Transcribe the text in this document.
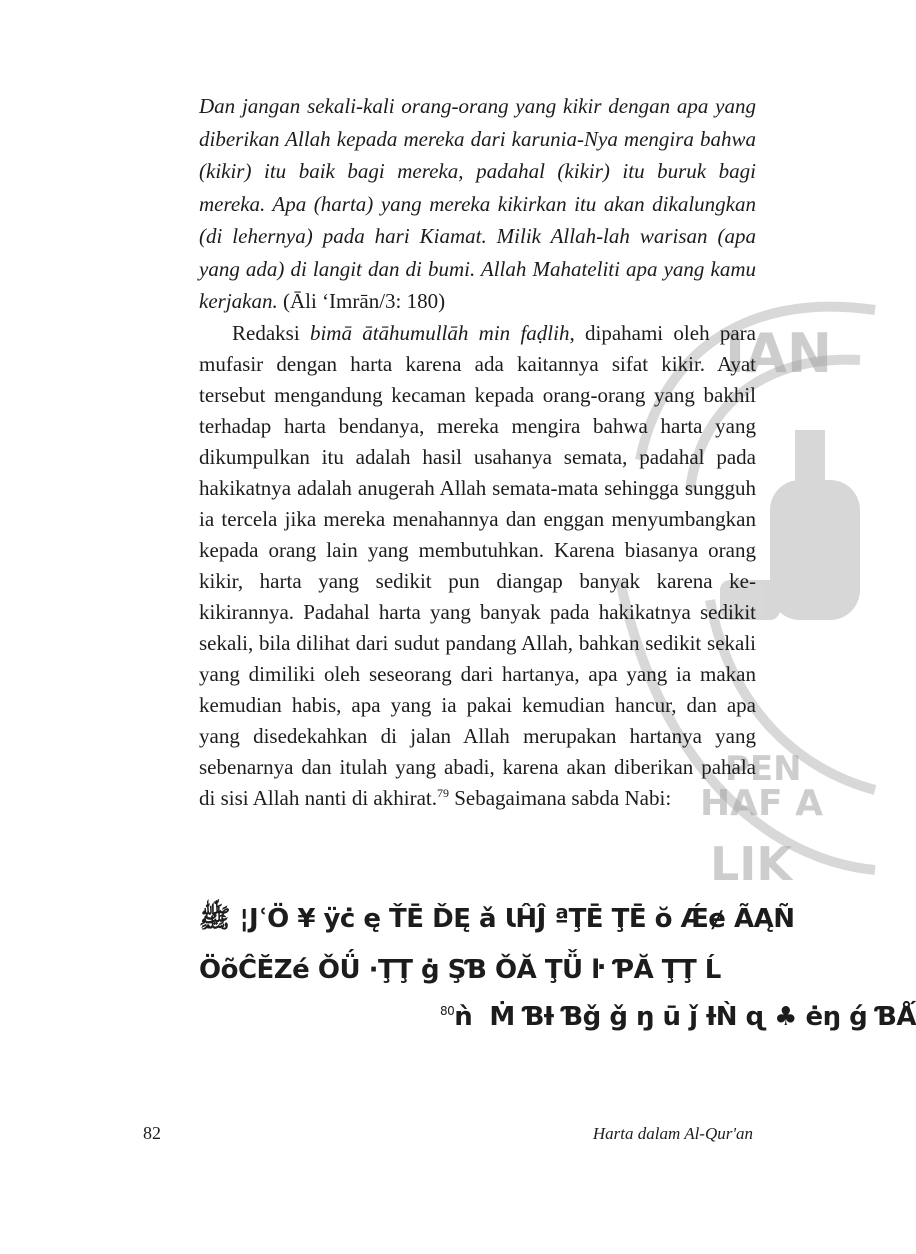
IAN
PEN
HAF A
LIK

Dan jangan sekali-kali orang-orang yang kikir dengan apa yang diberikan Allah kepada mereka dari karunia-Nya mengira bahwa (kikir) itu baik bagi mereka, padahal (kikir) itu buruk bagi mereka. Apa (harta) yang mereka kikirkan itu akan dikalungkan (di lehernya) pada hari Kiamat. Milik Allah-lah warisan (apa yang ada) di langit dan di bumi. Allah Mahateliti apa yang kamu kerjakan. (Āli ‘Imrān/3: 180)

Redaksi bimā ātāhumullāh min faḍlih, dipahami oleh para mufasir dengan harta karena ada kaitannya sifat kikir. Ayat tersebut mengandung kecaman kepada orang-orang yang bakhil terhadap harta bendanya, mereka mengira bahwa harta yang dikumpulkan itu adalah hasil usahanya semata, padahal pada hakikatnya adalah anugerah Allah semata-mata sehingga sungguh ia tercela jika mereka menahannya dan enggan menyumbangkan kepada orang lain yang membutuhkan. Karena biasanya orang kikir, harta yang sedikit pun diangap banyak karena ke-kikirannya. Padahal harta yang banyak pada hakikatnya sedikit sekali, bila dilihat dari sudut pandang Allah, bahkan sedikit sekali yang dimiliki oleh seseorang dari hartanya, apa yang ia makan kemudian habis, apa yang ia pakai kemudian hancur, dan apa yang disedekahkan di jalan Allah merupakan hartanya yang sebenarnya dan itulah yang abadi, karena akan diberikan pahala di sisi Allah nanti di akhirat.$^{79}$ Sebagaimana sabda Nabi:

ﷺ ¦Jʿ‌Ö ¥ ‌ÿċ ę ŤĒ ĎĘ ǎ ƖĤ‌Ĵ ªŢĒ ŢĒ ŏ Ǽɇ ÃĄÑ

ÖõĈ‌ĔZé ǑǗ ·ŢŢ ġ ŞƁ ǑĂ ŢǙ ŀ ƤĂ ŢŢ Ĺ

$^{80}$ǹ ‌ Ṁ ƁƗ Ɓǧ ǧ ŋ ū ǰ ƗǸ ɋ ♣ ėŋ ǵ ƁǺ

82	Harta dalam Al-Qur'an
